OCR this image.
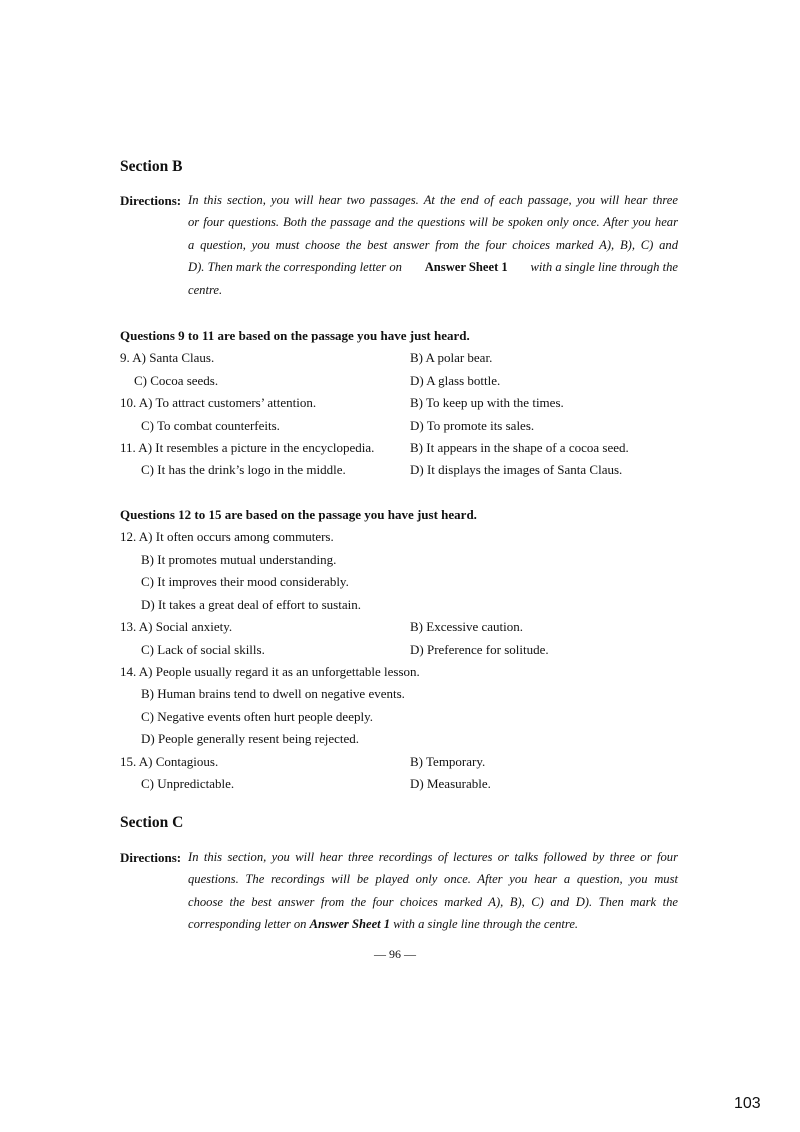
Section B
Directions: In this section, you will hear two passages. At the end of each passage, you will hear three
or four questions. Both the passage and the questions will be spoken only once. After you hear
a question, you must choose the best answer from the four choices marked A), B), C) and
D). Then mark the corresponding letter on Answer Sheet 1 with a single line through the
centre.
Questions 9 to 11 are based on the passage you have just heard.
9. A) Santa Claus.	B) A polar bear.
C) Cocoa seeds.	D) A glass bottle.
10. A) To attract customers’ attention.	B) To keep up with the times.
C) To combat counterfeits.	D) To promote its sales.
11. A) It resembles a picture in the encyclopedia.	B) It appears in the shape of a cocoa seed.
C) It has the drink’s logo in the middle.	D) It displays the images of Santa Claus.
Questions 12 to 15 are based on the passage you have just heard.
12. A) It often occurs among commuters.
B) It promotes mutual understanding.
C) It improves their mood considerably.
D) It takes a great deal of effort to sustain.
13. A) Social anxiety.	B) Excessive caution.
C) Lack of social skills.	D) Preference for solitude.
14. A) People usually regard it as an unforgettable lesson.
B) Human brains tend to dwell on negative events.
C) Negative events often hurt people deeply.
D) People generally resent being rejected.
15. A) Contagious.	B) Temporary.
C) Unpredictable.	D) Measurable.
Section C
Directions: In this section, you will hear three recordings of lectures or talks followed by three or four
questions. The recordings will be played only once. After you hear a question, you must
choose the best answer from the four choices marked A), B), C) and D). Then mark the
corresponding letter on Answer Sheet 1 with a single line through the centre.
— 96 —
103
